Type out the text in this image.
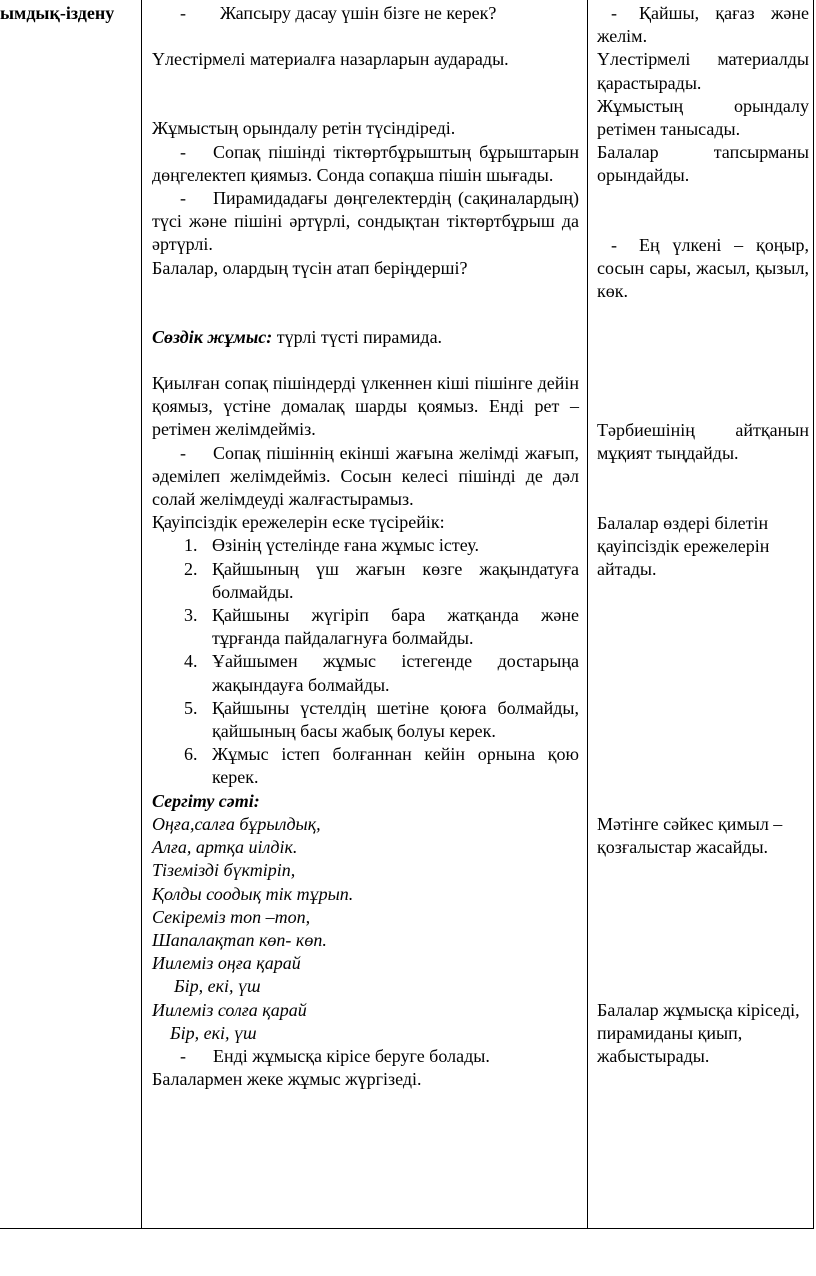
ымдық-іздену	- Жапсыру дасау үшін бізге не керек?

Үлестірмелі материалға назарларын аударады.

Жұмыстың орындалу ретін түсіндіреді.

- Сопақ пішінді тіктөртбұрыштың бұрыштарын дөңгелектеп қиямыз. Сонда сопақша пішін шығады.

- Пирамидадағы дөңгелектердің (сақиналардың) түсі және пішіні әртүрлі, сондықтан тіктөртбұрыш да әртүрлі.

Балалар, олардың түсін атап беріңдерші?

Сөздік жұмыс: түрлі түсті пирамида.

Қиылған сопақ пішіндерді үлкеннен кіші пішінге дейін қоямыз, үстіне домалақ шарды қоямыз. Енді рет –ретімен желімдейміз.

- Сопақ пішіннің екінші жағына желімді жағып, әдемілеп желімдейміз. Сосын келесі пішінді де дәл солай желімдеуді жалғастырамыз.

Қауіпсіздік ережелерін еске түсірейік:

1. Өзінің үстелінде ғана жұмыс істеу.
2. Қайшының үш жағын көзге жақындатуға болмайды.
3. Қайшыны жүгіріп бара жатқанда және тұрғанда пайдалагнуға болмайды.
4. Ұайшымен жұмыс істегенде достарыңа жақындауға болмайды.
5. Қайшыны үстелдің шетіне қоюға болмайды, қайшының басы жабық болуы керек.
6. Жұмыс істеп болғаннан кейін орнына қою керек.

Сергіту сәті:

Оңға,салға бұрылдық,
Алға, артқа иілдік.
Тіземізді бүктіріп,
Қолды соодық тік тұрып.
Секіреміз топ –топ,
Шапалақтап көп- көп.
Иилеміз оңға қарай
Бір, екі, үш
Иилеміз солға қарай
Бір, екі, үш

- Енді жұмысқа кірісе беруге болады.

Балалармен жеке жұмыс жүргізеді.

- Қайшы, қағаз және желім.

Үлестірмелі материалды қарастырады.

Жұмыстың орындалу ретімен танысады.

Балалар тапсырманы орындайды.

- Ең үлкені – қоңыр, сосын сары, жасыл, қызыл, көк.

Тәрбиешінің айтқанын мұқият тыңдайды.

Балалар өздері білетін қауіпсіздік ережелерін айтады.

Мәтінге сәйкес қимыл –қозғалыстар жасайды.

Балалар жұмысқа кіріседі, пирамиданы қиып, жабыстырады.
